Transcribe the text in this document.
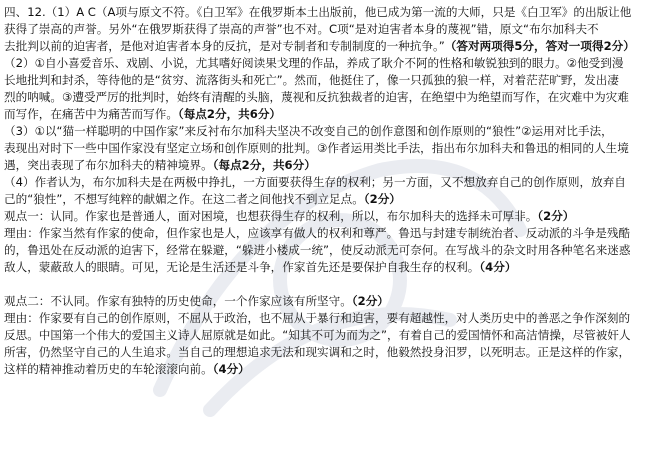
四、12.（1）A C（A项与原文不符。《白卫军》在俄罗斯本土出版前，他已成为第一流的大师，只是《白卫军》的出版让他
获得了崇高的声誉。另外“在俄罗斯获得了崇高的声誉”也不对。C项“是对迫害者本身的蔑视”错，原文“布尔加科夫不
去批判以前的迫害者，是他对迫害者本身的反抗，是对专制者和专制制度的一种抗争。”（答对两项得5分，答对一项得2分）
（2）①自小喜爱音乐、戏剧、小说，尤其嗜好阅读果戈理的作品，养成了耿介不阿的性格和敏锐独到的眼力。②他受到漫
长地批判和封杀，等待他的是“贫穷、流落街头和死亡”。然而，他挺住了，像一只孤独的狼一样，对着茫茫旷野，发出凄
烈的呐喊。③遭受严厉的批判时，始终有清醒的头脑，蔑视和反抗独裁者的迫害，在绝望中为绝望而写作，在灾难中为灾难
而写作，在痛苦中为痛苦而写作。（每点2分，共6分）
（3）①以“猫一样聪明的中国作家”来反衬布尔加科夫坚决不改变自己的创作意图和创作原则的“狼性”②运用对比手法，
表现出对时下一些中国作家没有坚定立场和创作原则的批判。③作者运用类比手法，指出布尔加科夫和鲁迅的相同的人生境
遇，突出表现了布尔加科夫的精神境界。（每点2分，共6分）
（4）作者认为，布尔加科夫是在两极中挣扎，一方面要获得生存的权利；另一方面，又不想放弃自己的创作原则，放弃自
己的“狼性”，不想写纯粹的献媚之作。在这二者之间他找不到立足点。（2分）
观点一：认同。作家也是普通人，面对困境，也想获得生存的权利，所以，布尔加科夫的选择未可厚非。（2分）
理由：作家当然有作家的使命，但作家也是人，应该享有做人的权利和尊严。鲁迅与封建专制统治者、反动派的斗争是残酷
的，鲁迅处在反动派的迫害下，经常在躲避，“躲进小楼成一统”，使反动派无可奈何。在写战斗的杂文时用各种笔名来迷惑
敌人，蒙蔽敌人的眼睛。可见，无论是生活还是斗争，作家首先还是要保护自我生存的权利。（4分）
观点二：不认同。作家有独特的历史使命，一个作家应该有所坚守。（2分）
理由：作家要有自己的创作原则，不屈从于政治，也不屈从于暴行和迫害，要有超越性，对人类历史中的善恶之争作深刻的
反思。中国第一个伟大的爱国主义诗人屈原就是如此。“知其不可为而为之”，有着自己的爱国情怀和高洁情操，尽管被奸人
所害，仍然坚守自己的人生追求。当自己的理想追求无法和现实调和之时，他毅然投身汨罗，以死明志。正是这样的作家，
这样的精神推动着历史的车轮滚滚向前。（4分）
